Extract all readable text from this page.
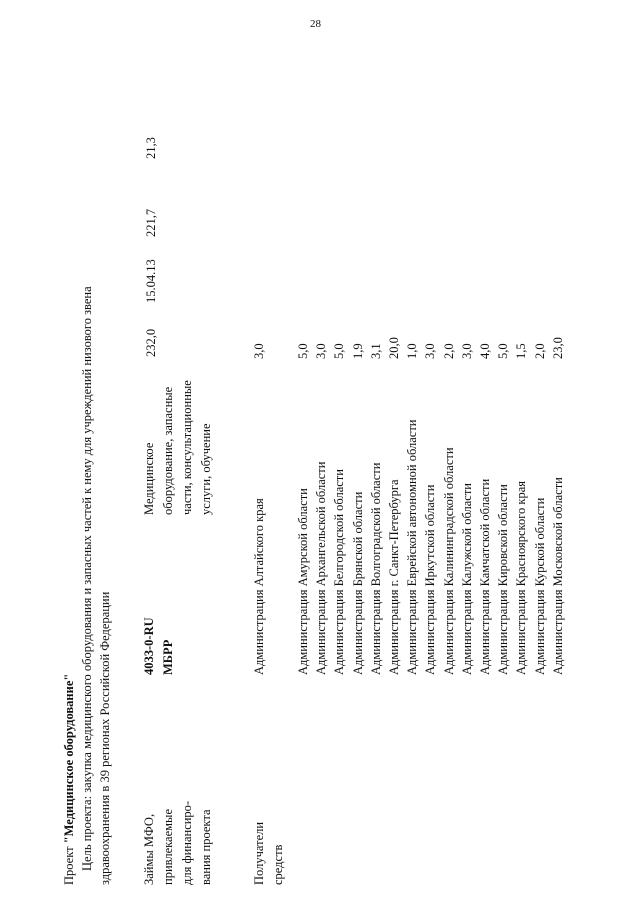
28
Проект "Медицинское оборудование" Цель проекта: закупка медицинского оборудования и запасных частей к нему для учреждений низового звена здравоохранения в 39 регионах Российской Федерации Займы МФО, привлекаемые для финансиро- вания проекта
4033-0-RU МБРР
Медицинское оборудование, запасные части, консультационные услуги, обучение
232,0
15.04.13
221,7
21,3
Получатели средств
Администрация Алтайского края
3,0
Администрация Амурской области
5,0
Администрация Архангельской области
3,0
Администрация Белгородской области
5,0
Администрация Брянской области
1,9
Администрация Волгоградской области
3,1
Администрация г. Санкт-Петербурга
20,0
Администрация Еврейской автономной области
1,0
Администрация Иркутской области
3,0
Администрация Калининградской области
2,0
Администрация Калужской области
3,0
Администрация Камчатской области
4,0
Администрация Кировской области
5,0
Администрация Красноярского края
1,5
Администрация Курской области
2,0
Администрация Московской области
23,0
